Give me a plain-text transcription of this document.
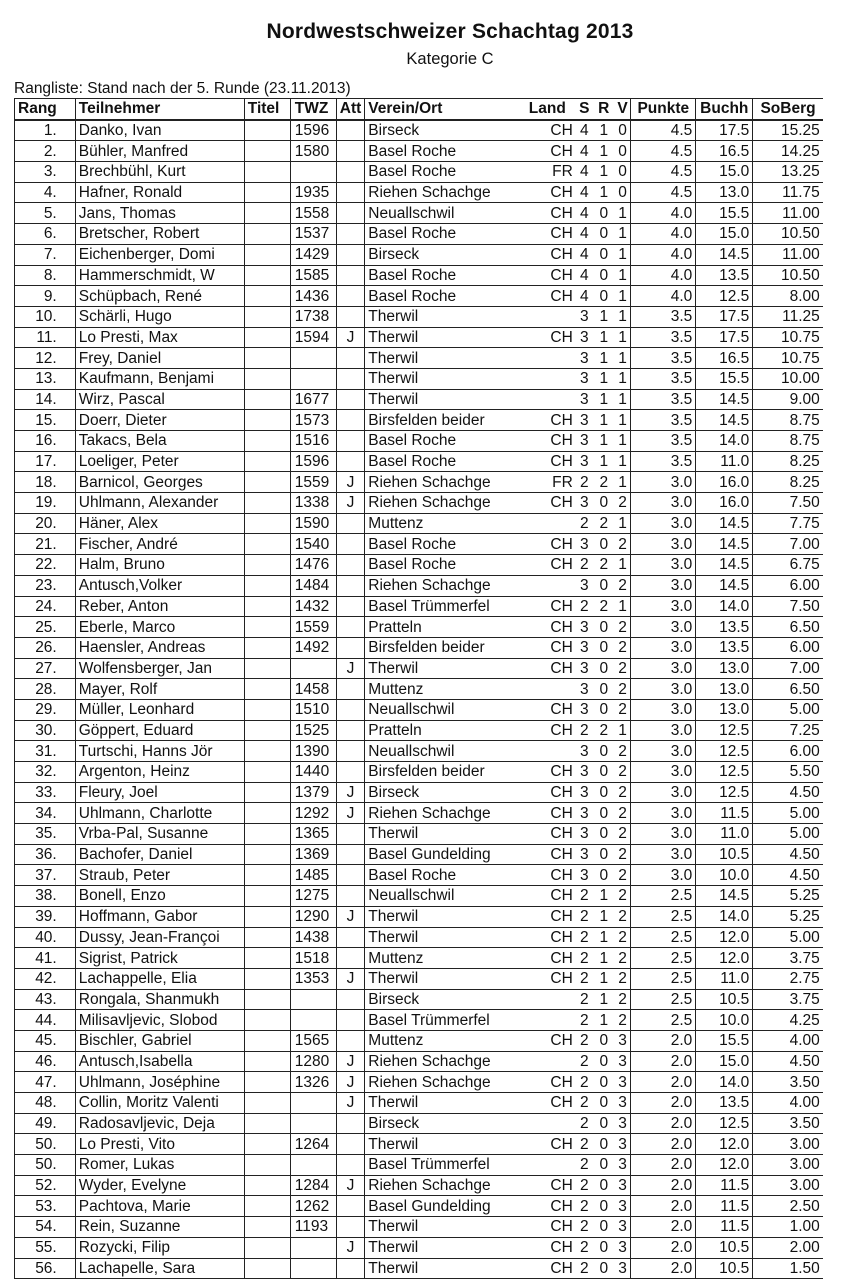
Nordwestschweizer Schachtag 2013
Kategorie C
Rangliste: Stand nach der 5. Runde (23.11.2013)
Rang	Teilnehmer	Titel	TWZ	Att	Verein/Ort	Land	S	R	V	Punkte	Buchh	SoBerg
1.	Danko, Ivan		1596		Birseck	CH	4	1	0	4.5	17.5	15.25
2.	Bühler, Manfred		1580		Basel Roche	CH	4	1	0	4.5	16.5	14.25
3.	Brechbühl, Kurt				Basel Roche	FR	4	1	0	4.5	15.0	13.25
4.	Hafner, Ronald		1935		Riehen Schachge	CH	4	1	0	4.5	13.0	11.75
5.	Jans, Thomas		1558		Neuallschwil	CH	4	0	1	4.0	15.5	11.00
6.	Bretscher, Robert		1537		Basel Roche	CH	4	0	1	4.0	15.0	10.50
7.	Eichenberger, Domi		1429		Birseck	CH	4	0	1	4.0	14.5	11.00
8.	Hammerschmidt, W		1585		Basel Roche	CH	4	0	1	4.0	13.5	10.50
9.	Schüpbach, René		1436		Basel Roche	CH	4	0	1	4.0	12.5	8.00
10.	Schärli, Hugo		1738		Therwil		3	1	1	3.5	17.5	11.25
11.	Lo Presti, Max		1594	J	Therwil	CH	3	1	1	3.5	17.5	10.75
12.	Frey, Daniel				Therwil		3	1	1	3.5	16.5	10.75
13.	Kaufmann, Benjami				Therwil		3	1	1	3.5	15.5	10.00
14.	Wirz, Pascal		1677		Therwil		3	1	1	3.5	14.5	9.00
15.	Doerr, Dieter		1573		Birsfelden beider	CH	3	1	1	3.5	14.5	8.75
16.	Takacs, Bela		1516		Basel Roche	CH	3	1	1	3.5	14.0	8.75
17.	Loeliger, Peter		1596		Basel Roche	CH	3	1	1	3.5	11.0	8.25
18.	Barnicol, Georges		1559	J	Riehen Schachge	FR	2	2	1	3.0	16.0	8.25
19.	Uhlmann, Alexander		1338	J	Riehen Schachge	CH	3	0	2	3.0	16.0	7.50
20.	Häner, Alex		1590		Muttenz		2	2	1	3.0	14.5	7.75
21.	Fischer, André		1540		Basel Roche	CH	3	0	2	3.0	14.5	7.00
22.	Halm, Bruno		1476		Basel Roche	CH	2	2	1	3.0	14.5	6.75
23.	Antusch,Volker		1484		Riehen Schachge		3	0	2	3.0	14.5	6.00
24.	Reber, Anton		1432		Basel Trümmerfel	CH	2	2	1	3.0	14.0	7.50
25.	Eberle, Marco		1559		Pratteln	CH	3	0	2	3.0	13.5	6.50
26.	Haensler, Andreas		1492		Birsfelden beider	CH	3	0	2	3.0	13.5	6.00
27.	Wolfensberger, Jan			J	Therwil	CH	3	0	2	3.0	13.0	7.00
28.	Mayer, Rolf		1458		Muttenz		3	0	2	3.0	13.0	6.50
29.	Müller, Leonhard		1510		Neuallschwil	CH	3	0	2	3.0	13.0	5.00
30.	Göppert, Eduard		1525		Pratteln	CH	2	2	1	3.0	12.5	7.25
31.	Turtschi, Hanns Jör		1390		Neuallschwil		3	0	2	3.0	12.5	6.00
32.	Argenton, Heinz		1440		Birsfelden beider	CH	3	0	2	3.0	12.5	5.50
33.	Fleury, Joel		1379	J	Birseck	CH	3	0	2	3.0	12.5	4.50
34.	Uhlmann, Charlotte		1292	J	Riehen Schachge	CH	3	0	2	3.0	11.5	5.00
35.	Vrba-Pal, Susanne		1365		Therwil	CH	3	0	2	3.0	11.0	5.00
36.	Bachofer, Daniel		1369		Basel Gundelding	CH	3	0	2	3.0	10.5	4.50
37.	Straub, Peter		1485		Basel Roche	CH	3	0	2	3.0	10.0	4.50
38.	Bonell, Enzo		1275		Neuallschwil	CH	2	1	2	2.5	14.5	5.25
39.	Hoffmann, Gabor		1290	J	Therwil	CH	2	1	2	2.5	14.0	5.25
40.	Dussy, Jean-Françoi		1438		Therwil	CH	2	1	2	2.5	12.0	5.00
41.	Sigrist, Patrick		1518		Muttenz	CH	2	1	2	2.5	12.0	3.75
42.	Lachappelle, Elia		1353	J	Therwil	CH	2	1	2	2.5	11.0	2.75
43.	Rongala, Shanmukh				Birseck		2	1	2	2.5	10.5	3.75
44.	Milisavljevic, Slobod				Basel Trümmerfel		2	1	2	2.5	10.0	4.25
45.	Bischler, Gabriel		1565		Muttenz	CH	2	0	3	2.0	15.5	4.00
46.	Antusch,Isabella		1280	J	Riehen Schachge		2	0	3	2.0	15.0	4.50
47.	Uhlmann, Joséphine		1326	J	Riehen Schachge	CH	2	0	3	2.0	14.0	3.50
48.	Collin, Moritz Valenti			J	Therwil	CH	2	0	3	2.0	13.5	4.00
49.	Radosavljevic, Deja				Birseck		2	0	3	2.0	12.5	3.50
50.	Lo Presti, Vito		1264		Therwil	CH	2	0	3	2.0	12.0	3.00
50.	Romer, Lukas				Basel Trümmerfel		2	0	3	2.0	12.0	3.00
52.	Wyder, Evelyne		1284	J	Riehen Schachge	CH	2	0	3	2.0	11.5	3.00
53.	Pachtova, Marie		1262		Basel Gundelding	CH	2	0	3	2.0	11.5	2.50
54.	Rein, Suzanne		1193		Therwil	CH	2	0	3	2.0	11.5	1.00
55.	Rozycki, Filip			J	Therwil	CH	2	0	3	2.0	10.5	2.00
56.	Lachapelle, Sara				Therwil	CH	2	0	3	2.0	10.5	1.50
